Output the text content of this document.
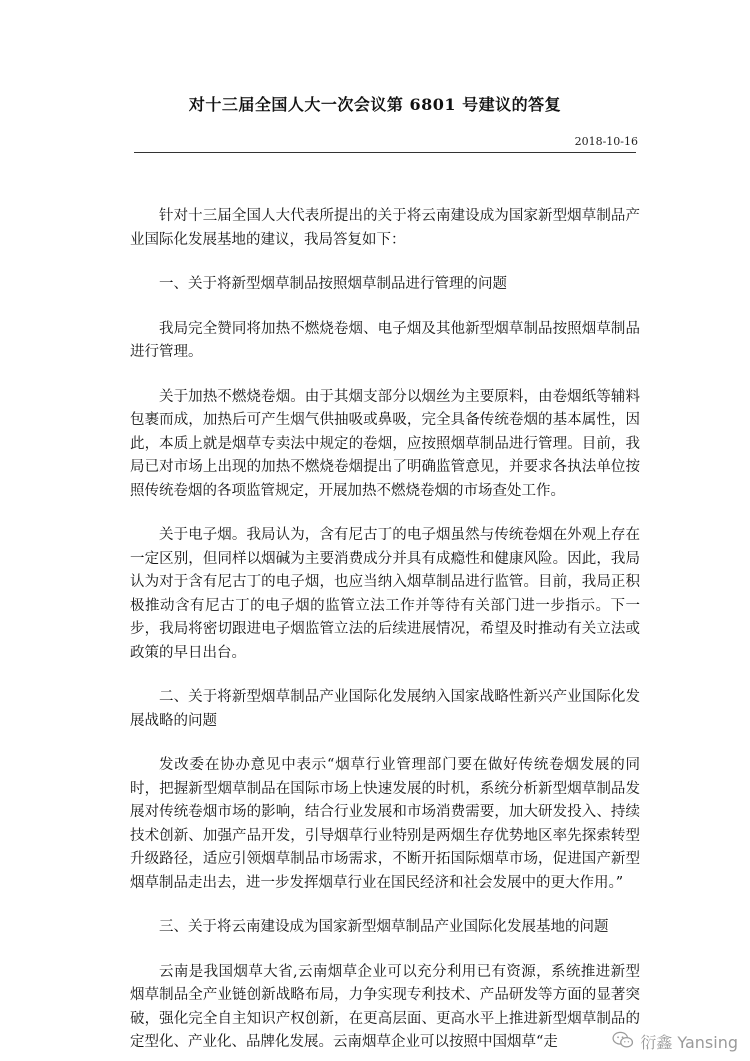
对十三届全国人大一次会议第 6801 号建议的答复
2018-10-16

针对十三届全国人大代表所提出的关于将云南建设成为国家新型烟草制品产业国际化发展基地的建议，我局答复如下：

一、关于将新型烟草制品按照烟草制品进行管理的问题

我局完全赞同将加热不燃烧卷烟、电子烟及其他新型烟草制品按照烟草制品进行管理。

关于加热不燃烧卷烟。由于其烟支部分以烟丝为主要原料，由卷烟纸等辅料包裹而成，加热后可产生烟气供抽吸或鼻吸，完全具备传统卷烟的基本属性，因此，本质上就是烟草专卖法中规定的卷烟，应按照烟草制品进行管理。目前，我局已对市场上出现的加热不燃烧卷烟提出了明确监管意见，并要求各执法单位按照传统卷烟的各项监管规定，开展加热不燃烧卷烟的市场查处工作。

关于电子烟。我局认为，含有尼古丁的电子烟虽然与传统卷烟在外观上存在一定区别，但同样以烟碱为主要消费成分并具有成瘾性和健康风险。因此，我局认为对于含有尼古丁的电子烟，也应当纳入烟草制品进行监管。目前，我局正积极推动含有尼古丁的电子烟的监管立法工作并等待有关部门进一步指示。下一步，我局将密切跟进电子烟监管立法的后续进展情况，希望及时推动有关立法或政策的早日出台。

二、关于将新型烟草制品产业国际化发展纳入国家战略性新兴产业国际化发展战略的问题

发改委在协办意见中表示“烟草行业管理部门要在做好传统卷烟发展的同时，把握新型烟草制品在国际市场上快速发展的时机，系统分析新型烟草制品发展对传统卷烟市场的影响，结合行业发展和市场消费需要，加大研发投入、持续技术创新、加强产品开发，引导烟草行业特别是两烟生存优势地区率先探索转型升级路径，适应引领烟草制品市场需求，不断开拓国际烟草市场，促进国产新型烟草制品走出去，进一步发挥烟草行业在国民经济和社会发展中的更大作用。”

三、关于将云南建设成为国家新型烟草制品产业国际化发展基地的问题

云南是我国烟草大省,云南烟草企业可以充分利用已有资源，系统推进新型烟草制品全产业链创新战略布局，力争实现专利技术、产品研发等方面的显著突破，强化完全自主知识产权创新，在更高层面、更高水平上推进新型烟草制品的定型化、产业化、品牌化发展。云南烟草企业可以按照中国烟草“走	衍鑫 Yansing
